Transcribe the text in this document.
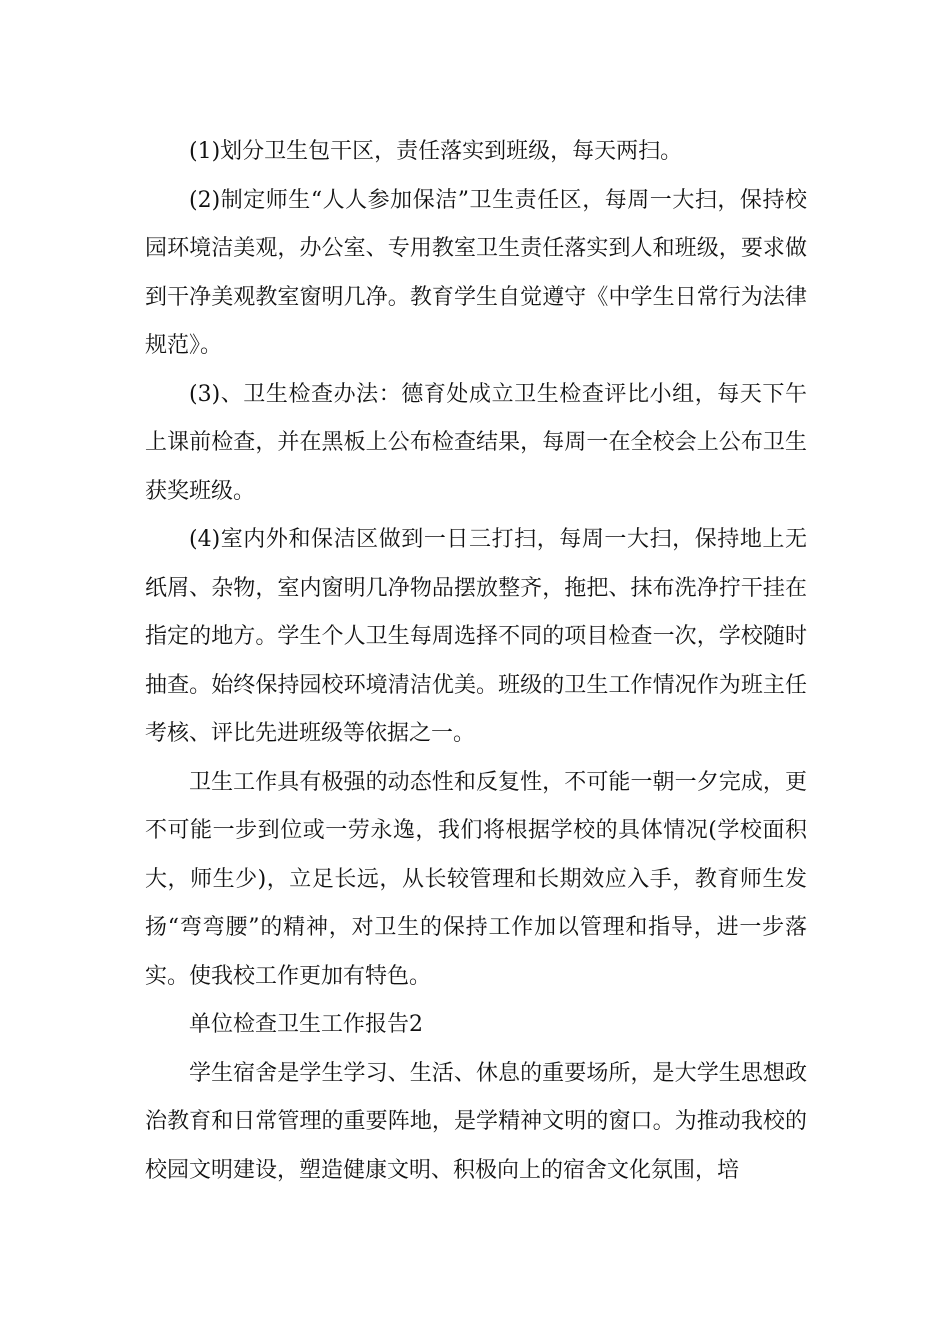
(1)划分卫生包干区，责任落实到班级，每天两扫。

(2)制定师生“人人参加保洁”卫生责任区，每周一大扫，保持校园环境洁美观，办公室、专用教室卫生责任落实到人和班级，要求做到干净美观教室窗明几净。教育学生自觉遵守《中学生日常行为法律规范》。

(3)、卫生检查办法：德育处成立卫生检查评比小组，每天下午上课前检查，并在黑板上公布检查结果，每周一在全校会上公布卫生获奖班级。

(4)室内外和保洁区做到一日三打扫，每周一大扫，保持地上无纸屑、杂物，室内窗明几净物品摆放整齐，拖把、抹布洗净拧干挂在指定的地方。学生个人卫生每周选择不同的项目检查一次，学校随时抽查。始终保持园校环境清洁优美。班级的卫生工作情况作为班主任考核、评比先进班级等依据之一。

卫生工作具有极强的动态性和反复性，不可能一朝一夕完成，更不可能一步到位或一劳永逸，我们将根据学校的具体情况(学校面积大，师生少)，立足长远，从长较管理和长期效应入手，教育师生发扬“弯弯腰”的精神，对卫生的保持工作加以管理和指导，进一步落实。使我校工作更加有特色。

单位检查卫生工作报告2

学生宿舍是学生学习、生活、休息的重要场所，是大学生思想政治教育和日常管理的重要阵地，是学精神文明的窗口。为推动我校的校园文明建设，塑造健康文明、积极向上的宿舍文化氛围，培
